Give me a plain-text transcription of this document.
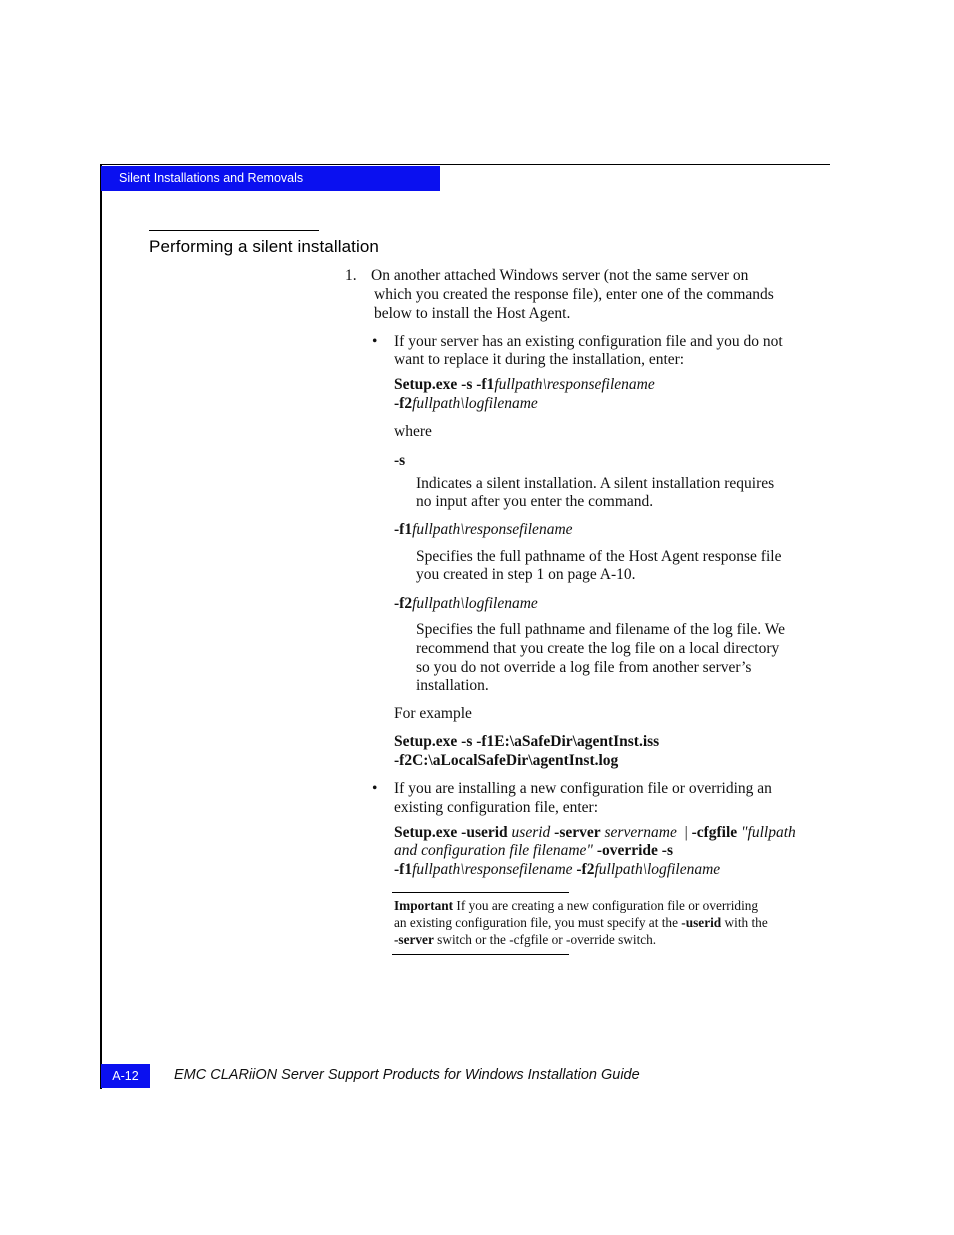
Silent Installations and Removals
Performing a silent installation
1. On another attached Windows server (not the same server on
which you created the response file), enter one of the commands
below to install the Host Agent.
• If your server has an existing configuration file and you do not
want to replace it during the installation, enter:
Setup.exe -s -f1fullpath\responsefilename
-f2fullpath\logfilename
where
-s
Indicates a silent installation. A silent installation requires
no input after you enter the command.
-f1fullpath\responsefilename
Specifies the full pathname of the Host Agent response file
you created in step 1 on page A-10.
-f2fullpath\logfilename
Specifies the full pathname and filename of the log file. We
recommend that you create the log file on a local directory
so you do not override a log file from another server’s
installation.
For example
Setup.exe -s -f1E:\aSafeDir\agentInst.iss
-f2C:\aLocalSafeDir\agentInst.log
• If you are installing a new configuration file or overriding an
existing configuration file, enter:
Setup.exe -userid userid -server servername  | -cfgfile "fullpath
and configuration file filename" -override -s
-f1fullpath\responsefilename -f2fullpath\logfilename
Important If you are creating a new configuration file or overriding
an existing configuration file, you must specify at the -userid with the
-server switch or the -cfgfile or -override switch.
A-12	EMC CLARiiON Server Support Products for Windows Installation Guide
